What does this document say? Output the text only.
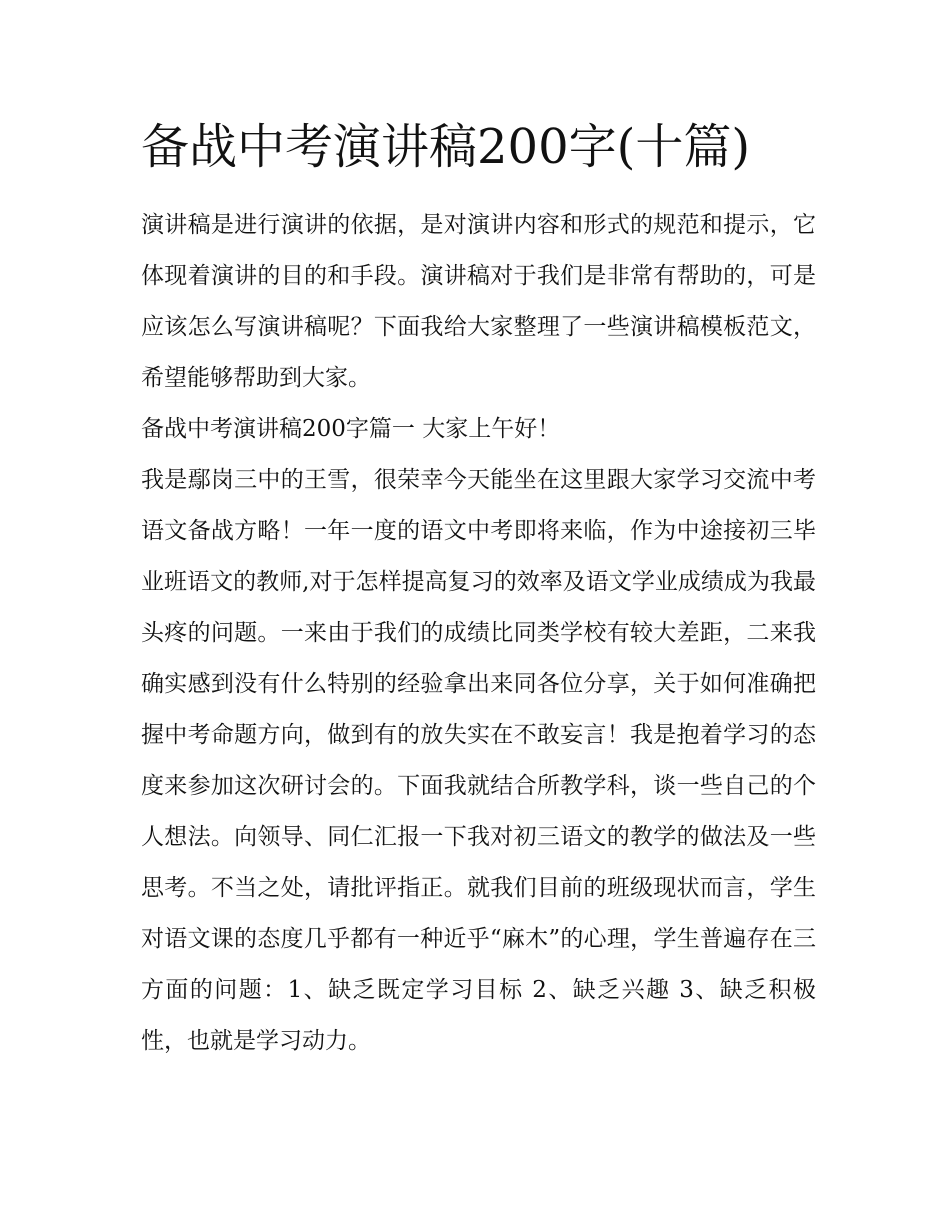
备战中考演讲稿200字(十篇)

演讲稿是进行演讲的依据，是对演讲内容和形式的规范和提示，它体现着演讲的目的和手段。演讲稿对于我们是非常有帮助的，可是应该怎么写演讲稿呢？下面我给大家整理了一些演讲稿模板范文，希望能够帮助到大家。

备战中考演讲稿200字篇一 大家上午好！

我是鄢岗三中的王雪，很荣幸今天能坐在这里跟大家学习交流中考语文备战方略！一年一度的语文中考即将来临，作为中途接初三毕业班语文的教师,对于怎样提高复习的效率及语文学业成绩成为我最头疼的问题。一来由于我们的成绩比同类学校有较大差距，二来我确实感到没有什么特别的经验拿出来同各位分享，关于如何准确把握中考命题方向，做到有的放失实在不敢妄言！我是抱着学习的态度来参加这次研讨会的。下面我就结合所教学科，谈一些自己的个人想法。向领导、同仁汇报一下我对初三语文的教学的做法及一些思考。不当之处，请批评指正。就我们目前的班级现状而言，学生对语文课的态度几乎都有一种近乎“麻木”的心理，学生普遍存在三方面的问题：1、缺乏既定学习目标 2、缺乏兴趣 3、缺乏积极性，也就是学习动力。
